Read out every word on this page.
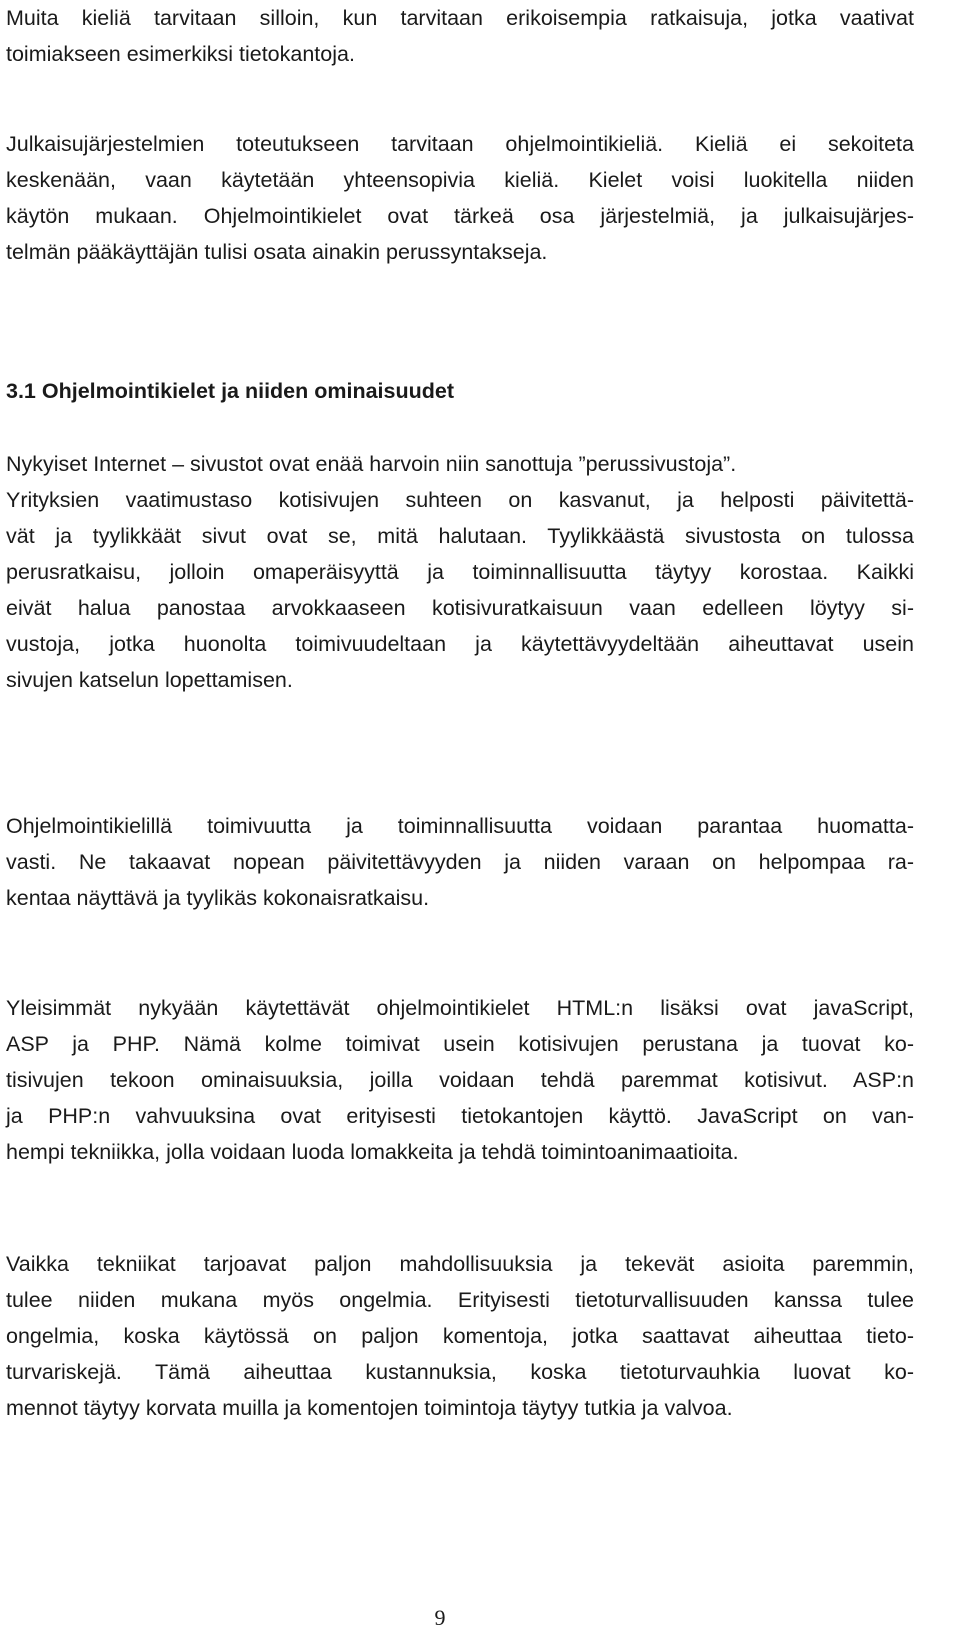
Muita kieliä tarvitaan silloin, kun tarvitaan erikoisempia ratkaisuja, jotka vaativat
toimiakseen esimerkiksi tietokantoja.

Julkaisujärjestelmien toteutukseen tarvitaan ohjelmointikieliä. Kieliä ei sekoiteta
keskenään, vaan käytetään yhteensopivia kieliä. Kielet voisi luokitella niiden
käytön mukaan. Ohjelmointikielet ovat tärkeä osa järjestelmiä, ja julkaisujärjes-
telmän pääkäyttäjän tulisi osata ainakin perussyntakseja.

3.1 Ohjelmointikielet ja niiden ominaisuudet

Nykyiset Internet – sivustot ovat enää harvoin niin sanottuja ”perussivustoja”.
Yrityksien vaatimustaso kotisivujen suhteen on kasvanut, ja helposti päivitettä-
vät ja tyylikkäät sivut ovat se, mitä halutaan. Tyylikkäästä sivustosta on tulossa
perusratkaisu, jolloin omaperäisyyttä ja toiminnallisuutta täytyy korostaa. Kaikki
eivät halua panostaa arvokkaaseen kotisivuratkaisuun vaan edelleen löytyy si-
vustoja, jotka huonolta toimivuudeltaan ja käytettävyydeltään aiheuttavat usein
sivujen katselun lopettamisen.

Ohjelmointikielillä toimivuutta ja toiminnallisuutta voidaan parantaa huomatta-
vasti. Ne takaavat nopean päivitettävyyden ja niiden varaan on helpompaa ra-
kentaa näyttävä ja tyylikäs kokonaisratkaisu.

Yleisimmät nykyään käytettävät ohjelmointikielet HTML:n lisäksi ovat javaScript,
ASP ja PHP. Nämä kolme toimivat usein kotisivujen perustana ja tuovat ko-
tisivujen tekoon ominaisuuksia, joilla voidaan tehdä paremmat kotisivut. ASP:n
ja PHP:n vahvuuksina ovat erityisesti tietokantojen käyttö. JavaScript on van-
hempi tekniikka, jolla voidaan luoda lomakkeita ja tehdä toimintoanimaatioita.

Vaikka tekniikat tarjoavat paljon mahdollisuuksia ja tekevät asioita paremmin,
tulee niiden mukana myös ongelmia. Erityisesti tietoturvallisuuden kanssa tulee
ongelmia, koska käytössä on paljon komentoja, jotka saattavat aiheuttaa tieto-
turvariskejä. Tämä aiheuttaa kustannuksia, koska tietoturvauhkia luovat ko-
mennot täytyy korvata muilla ja komentojen toimintoja täytyy tutkia ja valvoa.

9
